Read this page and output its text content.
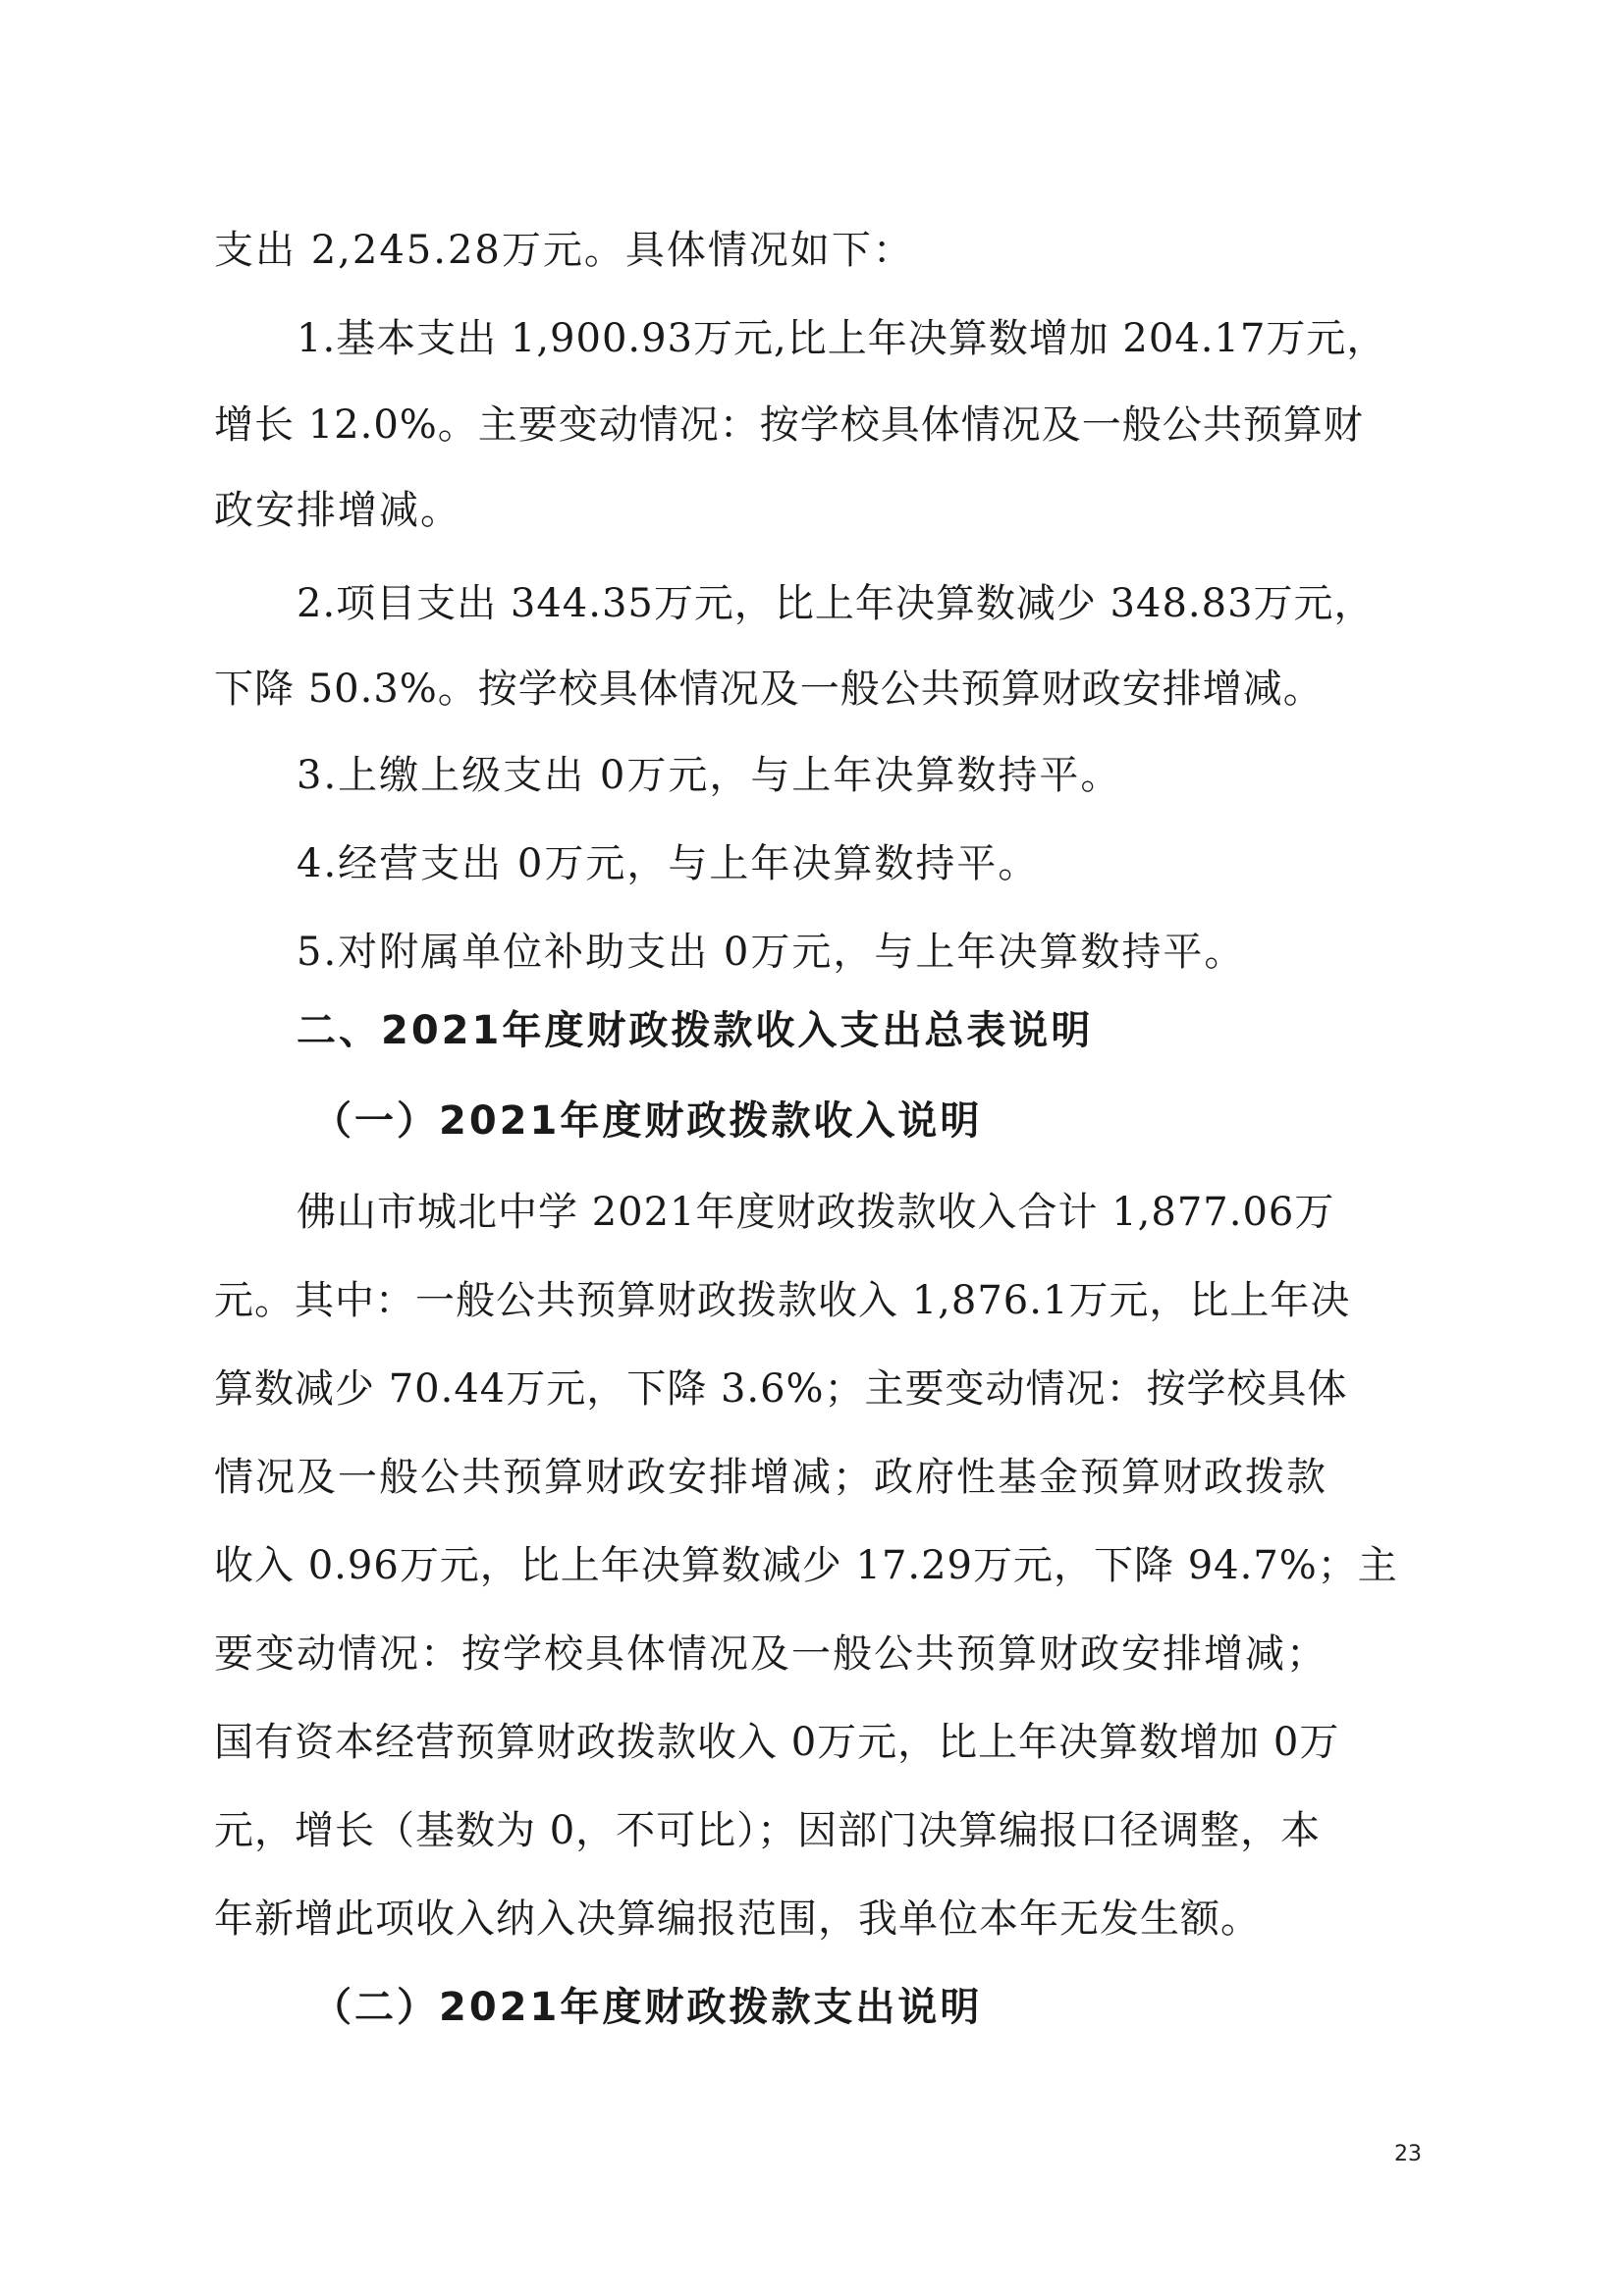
支出 2,245.28万元。具体情况如下：
1.基本支出 1,900.93万元,比上年决算数增加 204.17万元，
增长 12.0%。主要变动情况：按学校具体情况及一般公共预算财
政安排增减。
2.项目支出 344.35万元，比上年决算数减少 348.83万元，
下降 50.3%。按学校具体情况及一般公共预算财政安排增减。
3.上缴上级支出 0万元，与上年决算数持平。
4.经营支出 0万元，与上年决算数持平。
5.对附属单位补助支出 0万元，与上年决算数持平。
二、2021年度财政拨款收入支出总表说明
（一）2021年度财政拨款收入说明
佛山市城北中学 2021年度财政拨款收入合计 1,877.06万
元。其中：一般公共预算财政拨款收入 1,876.1万元，比上年决
算数减少 70.44万元，下降 3.6%；主要变动情况：按学校具体
情况及一般公共预算财政安排增减；政府性基金预算财政拨款
收入 0.96万元，比上年决算数减少 17.29万元，下降 94.7%；主
要变动情况：按学校具体情况及一般公共预算财政安排增减；
国有资本经营预算财政拨款收入 0万元，比上年决算数增加 0万
元，增长（基数为 0，不可比）；因部门决算编报口径调整，本
年新增此项收入纳入决算编报范围，我单位本年无发生额。
（二）2021年度财政拨款支出说明
23
